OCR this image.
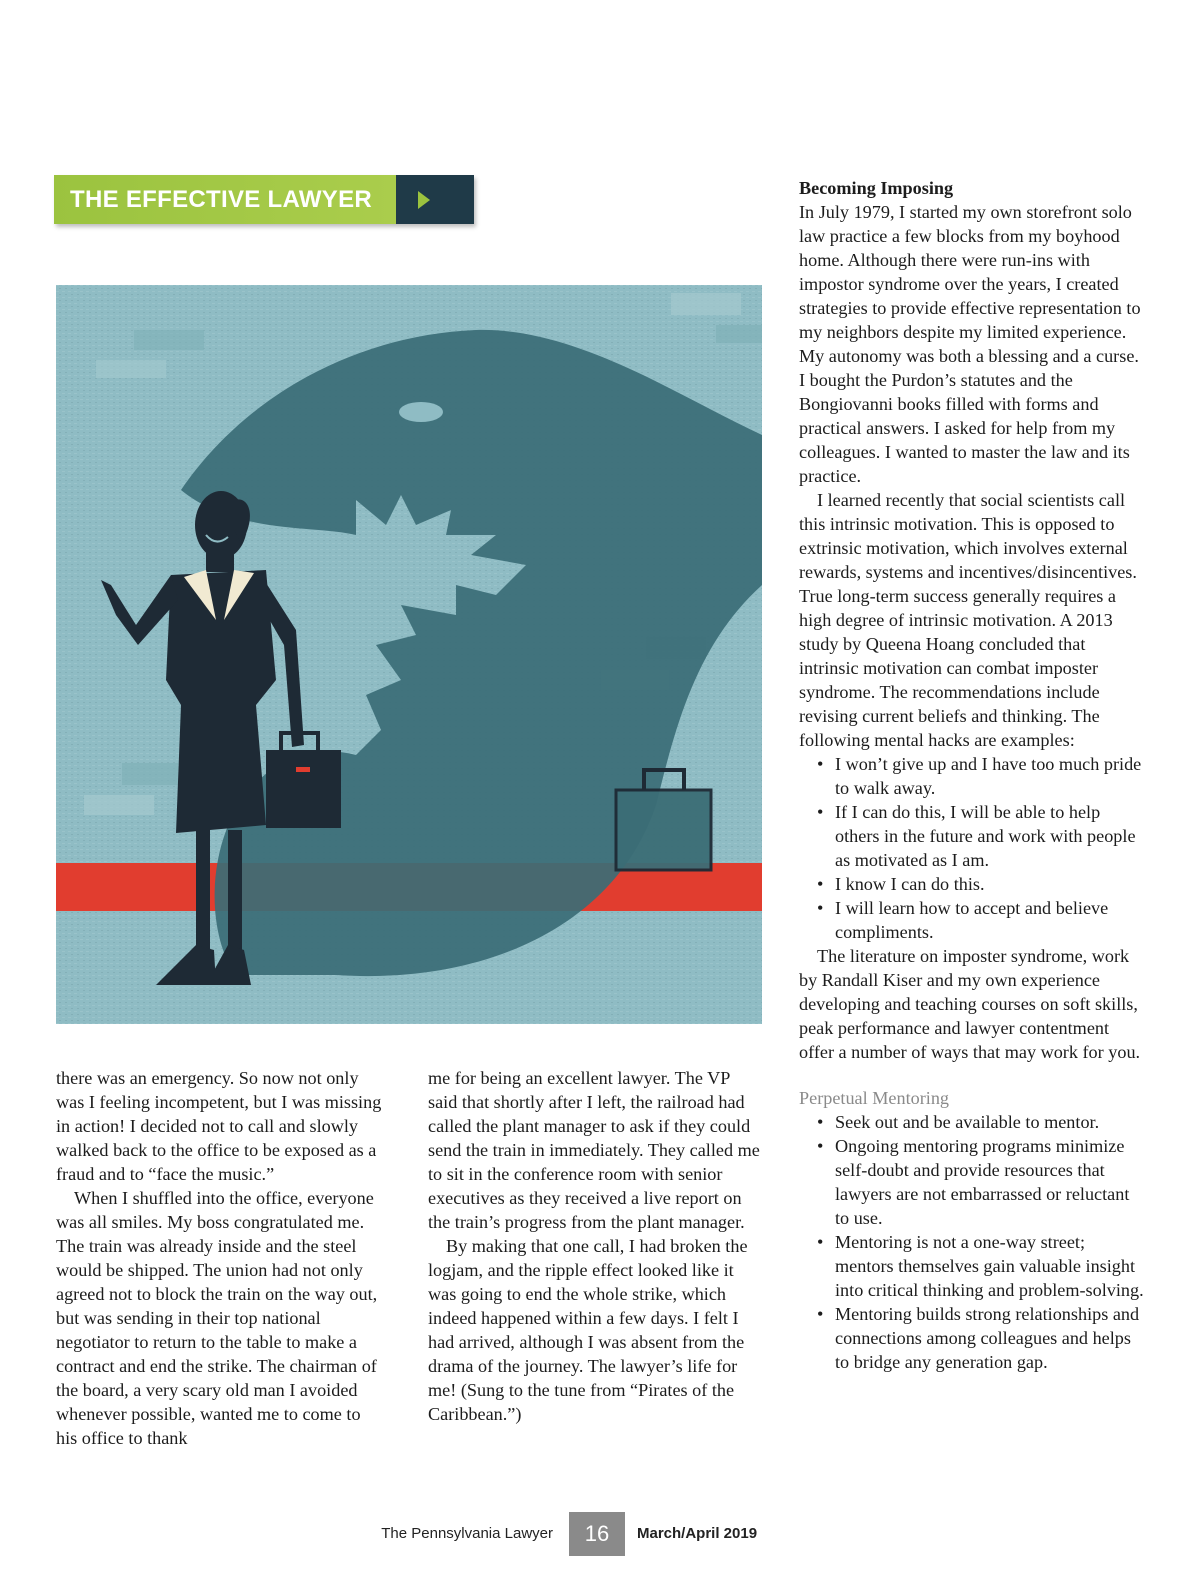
THE EFFECTIVE LAWYER

there was an emergency. So now not only was I feeling incompetent, but I was missing in action! I decided not to call and slowly walked back to the office to be exposed as a fraud and to “face the music.”

When I shuffled into the office, everyone was all smiles. My boss congratulated me. The train was already inside and the steel would be shipped. The union had not only agreed not to block the train on the way out, but was sending in their top national negotiator to return to the table to make a contract and end the strike. The chairman of the board, a very scary old man I avoided whenever possible, wanted me to come to his office to thank

me for being an excellent lawyer. The VP said that shortly after I left, the railroad had called the plant manager to ask if they could send the train in immediately. They called me to sit in the conference room with senior executives as they received a live report on the train’s progress from the plant manager.

By making that one call, I had broken the logjam, and the ripple effect looked like it was going to end the whole strike, which indeed happened within a few days. I felt I had arrived, although I was absent from the drama of the journey. The lawyer’s life for me! (Sung to the tune from “Pirates of the Caribbean.”)

Becoming Imposing

In July 1979, I started my own storefront solo law practice a few blocks from my boyhood home. Although there were run-ins with impostor syndrome over the years, I created strategies to provide effective representation to my neighbors despite my limited experience. My autonomy was both a blessing and a curse. I bought the Purdon’s statutes and the Bongiovanni books filled with forms and practical answers. I asked for help from my colleagues. I wanted to master the law and its practice.

I learned recently that social scientists call this intrinsic motivation. This is opposed to extrinsic motivation, which involves external rewards, systems and incentives/disincentives. True long-term success generally requires a high degree of intrinsic motivation. A 2013 study by Queena Hoang concluded that intrinsic motivation can combat imposter syndrome. The recommendations include revising current beliefs and thinking. The following mental hacks are examples:

• I won’t give up and I have too much pride to walk away.
• If I can do this, I will be able to help others in the future and work with people as motivated as I am.
• I know I can do this.
• I will learn how to accept and believe compliments.

The literature on imposter syndrome, work by Randall Kiser and my own experience developing and teaching courses on soft skills, peak performance and lawyer contentment offer a number of ways that may work for you.

Perpetual Mentoring

• Seek out and be available to mentor.
• Ongoing mentoring programs minimize self-doubt and provide resources that lawyers are not embarrassed or reluctant to use.
• Mentoring is not a one-way street; mentors themselves gain valuable insight into critical thinking and problem-solving.
• Mentoring builds strong relationships and connections among colleagues and helps to bridge any generation gap.
The Pennsylvania Lawyer	16	March/April 2019
